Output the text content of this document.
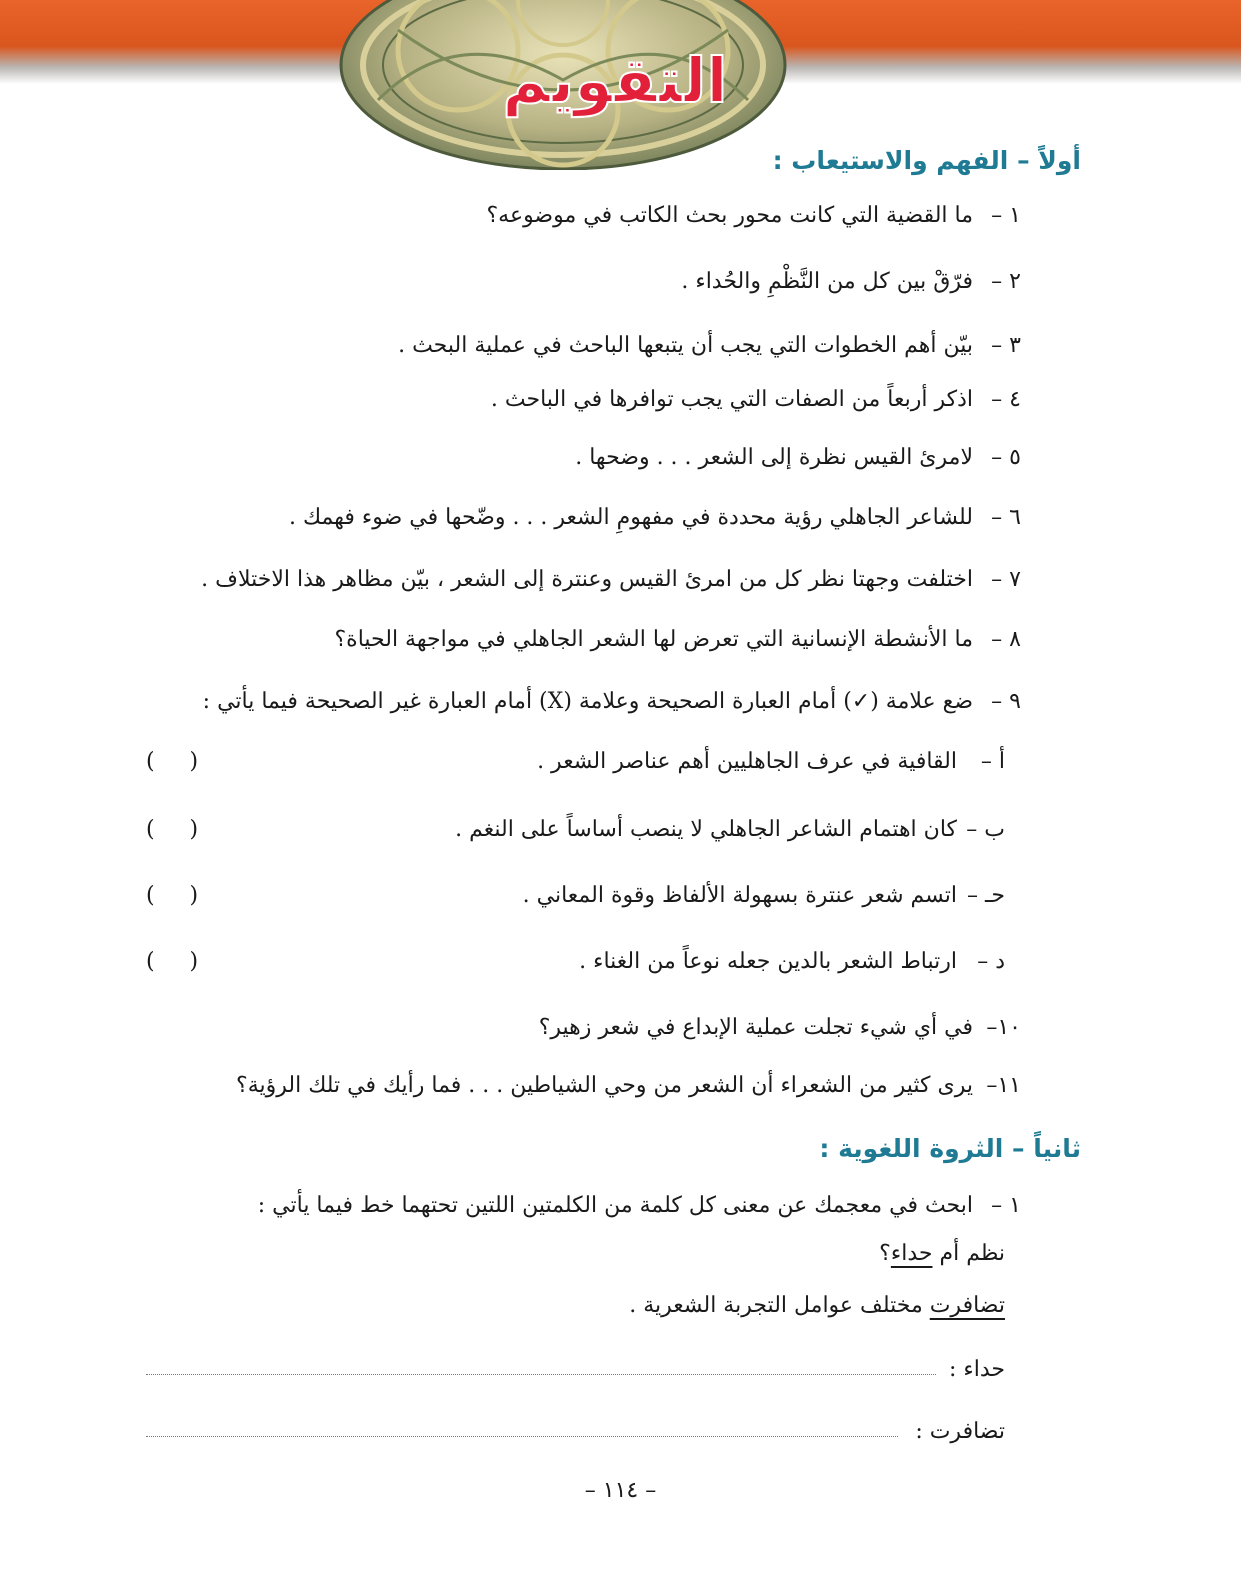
التقويم
أولاً – الفهم والاستيعاب :
١ –ما القضية التي كانت محور بحث الكاتب في موضوعه؟
٢ –فرّقْ بين كل من النَّظْمِ والحُداء .
٣ –بيّن أهم الخطوات التي يجب أن يتبعها الباحث في عملية البحث .
٤ –اذكر أربعاً من الصفات التي يجب توافرها في الباحث .
٥ –لامرئ القيس نظرة إلى الشعر . . . وضحها .
٦ –للشاعر الجاهلي رؤية محددة في مفهومِ الشعر . . . وضّحها في ضوء فهمك .
٧ –اختلفت وجهتا نظر كل من امرئ القيس وعنترة إلى الشعر ، بيّن مظاهر هذا الاختلاف .
٨ –ما الأنشطة الإنسانية التي تعرض لها الشعر الجاهلي في مواجهة الحياة؟
٩ –ضع علامة (✓) أمام العبارة الصحيحة وعلامة (X) أمام العبارة غير الصحيحة فيما يأتي :
أ –القافية في عرف الجاهليين أهم عناصر الشعر .
(     )
ب –كان اهتمام الشاعر الجاهلي لا ينصب أساساً على النغم .
(     )
حـ –اتسم شعر عنترة بسهولة الألفاظ وقوة المعاني .
(     )
د –ارتباط الشعر بالدين جعله نوعاً من الغناء .
(     )
١٠–في أي شيء تجلت عملية الإبداع في شعر زهير؟
١١–يرى كثير من الشعراء أن الشعر من وحي الشياطين . . . فما رأيك في تلك الرؤية؟
ثانياً – الثروة اللغوية :
١ –ابحث في معجمك عن معنى كل كلمة من الكلمتين اللتين تحتهما خط فيما يأتي :
نظم أم حداء؟
تضافرت مختلف عوامل التجربة الشعرية .
حداء :
تضافرت :
– ١١٤ –
